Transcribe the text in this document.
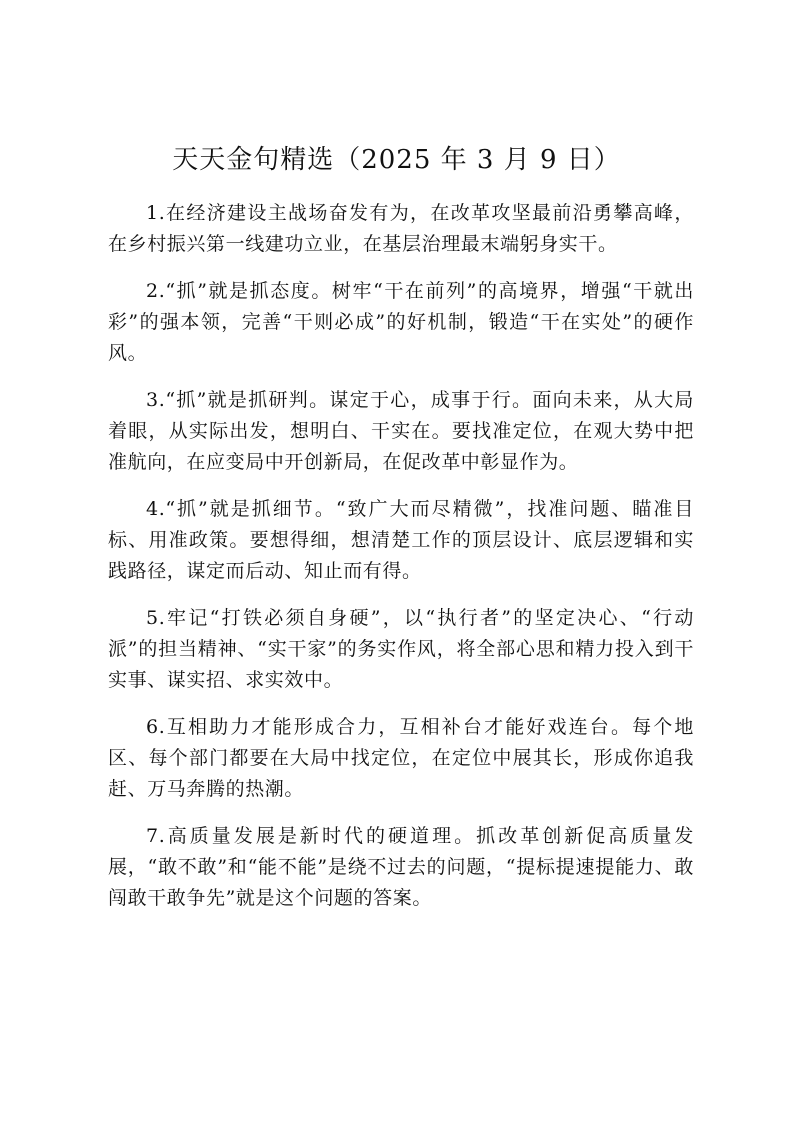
天天金句精选（2025 年 3 月 9 日）

1.在经济建设主战场奋发有为，在改革攻坚最前沿勇攀高峰，在乡村振兴第一线建功立业，在基层治理最末端躬身实干。

2.“抓”就是抓态度。树牢“干在前列”的高境界，增强“干就出彩”的强本领，完善“干则必成”的好机制，锻造“干在实处”的硬作风。

3.“抓”就是抓研判。谋定于心，成事于行。面向未来，从大局着眼，从实际出发，想明白、干实在。要找准定位，在观大势中把准航向，在应变局中开创新局，在促改革中彰显作为。

4.“抓”就是抓细节。“致广大而尽精微”，找准问题、瞄准目标、用准政策。要想得细，想清楚工作的顶层设计、底层逻辑和实践路径，谋定而后动、知止而有得。

5.牢记“打铁必须自身硬”，以“执行者”的坚定决心、“行动派”的担当精神、“实干家”的务实作风，将全部心思和精力投入到干实事、谋实招、求实效中。

6.互相助力才能形成合力，互相补台才能好戏连台。每个地区、每个部门都要在大局中找定位，在定位中展其长，形成你追我赶、万马奔腾的热潮。

7.高质量发展是新时代的硬道理。抓改革创新促高质量发展，“敢不敢”和“能不能”是绕不过去的问题，“提标提速提能力、敢闯敢干敢争先”就是这个问题的答案。
